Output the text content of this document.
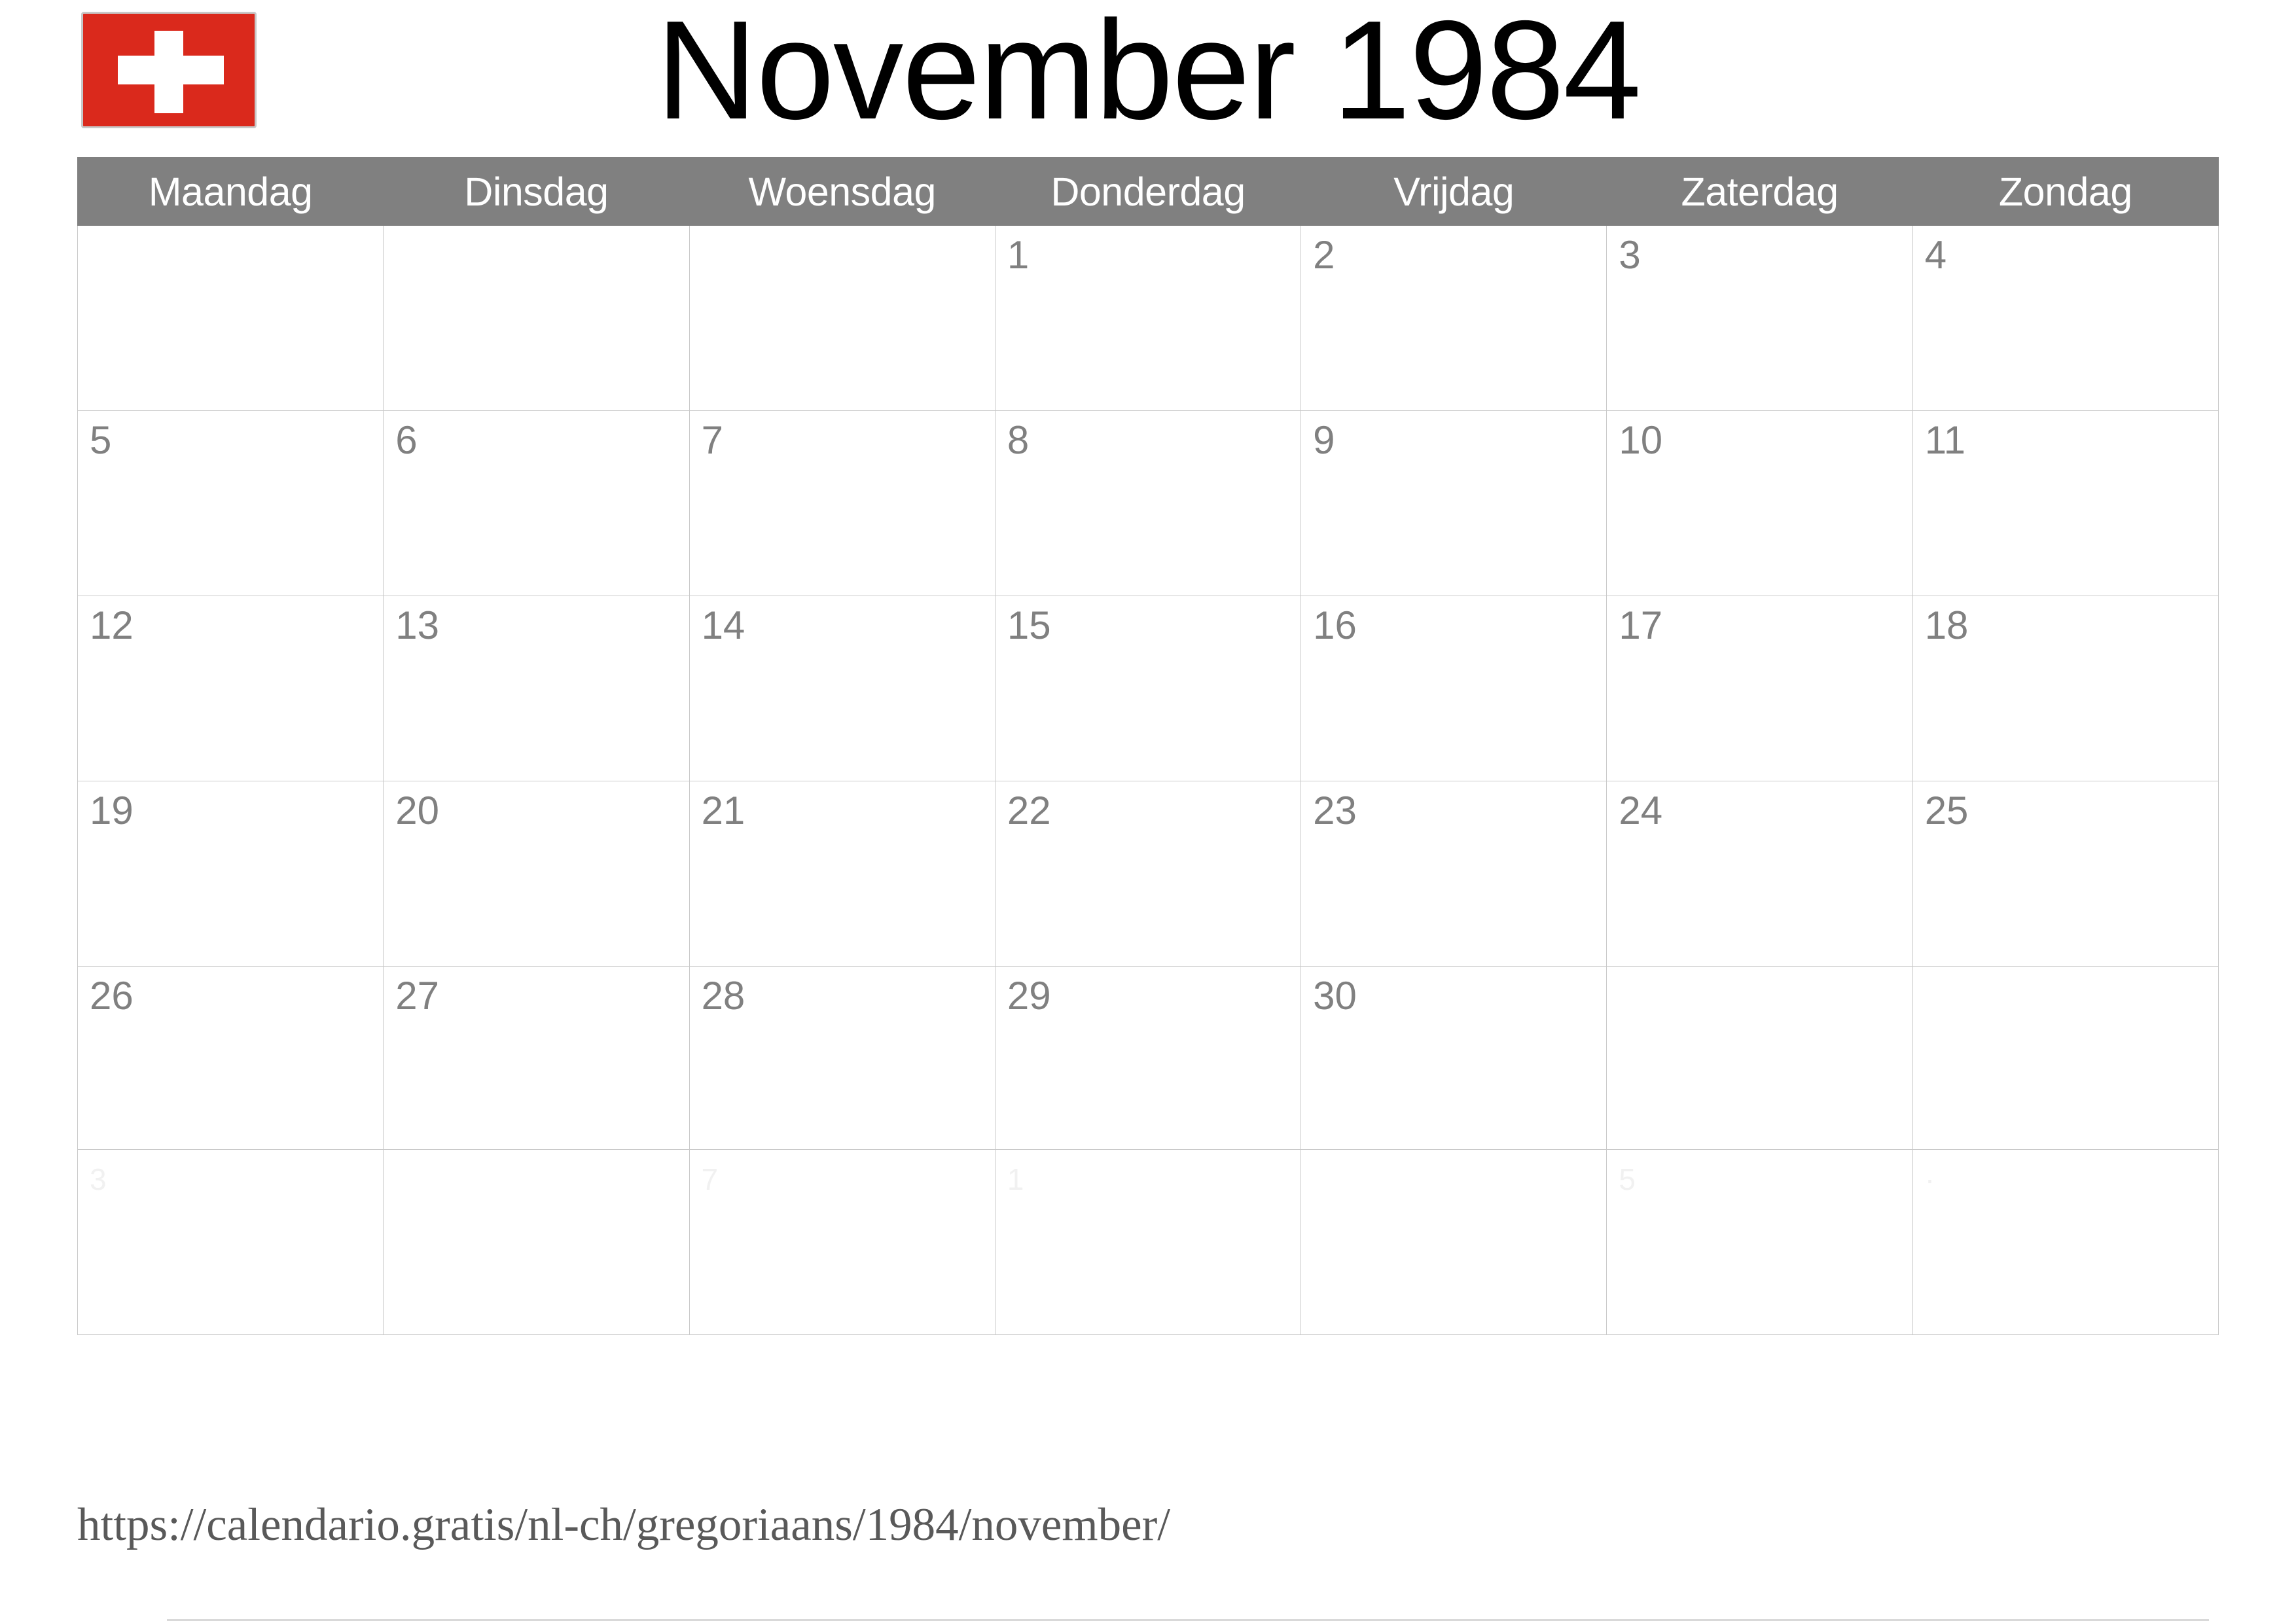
November 1984
Maandag	Dinsdag	Woensdag	Donderdag	Vrijdag	Zaterdag	Zondag

			1	2	3	4

5	6	7	8	9	10	11

12	13	14	15	16	17	18

19	20	21	22	23	24	25

26	27	28	29	30		

3		7	1		5	·
https://calendario.gratis/nl-ch/gregoriaans/1984/november/
